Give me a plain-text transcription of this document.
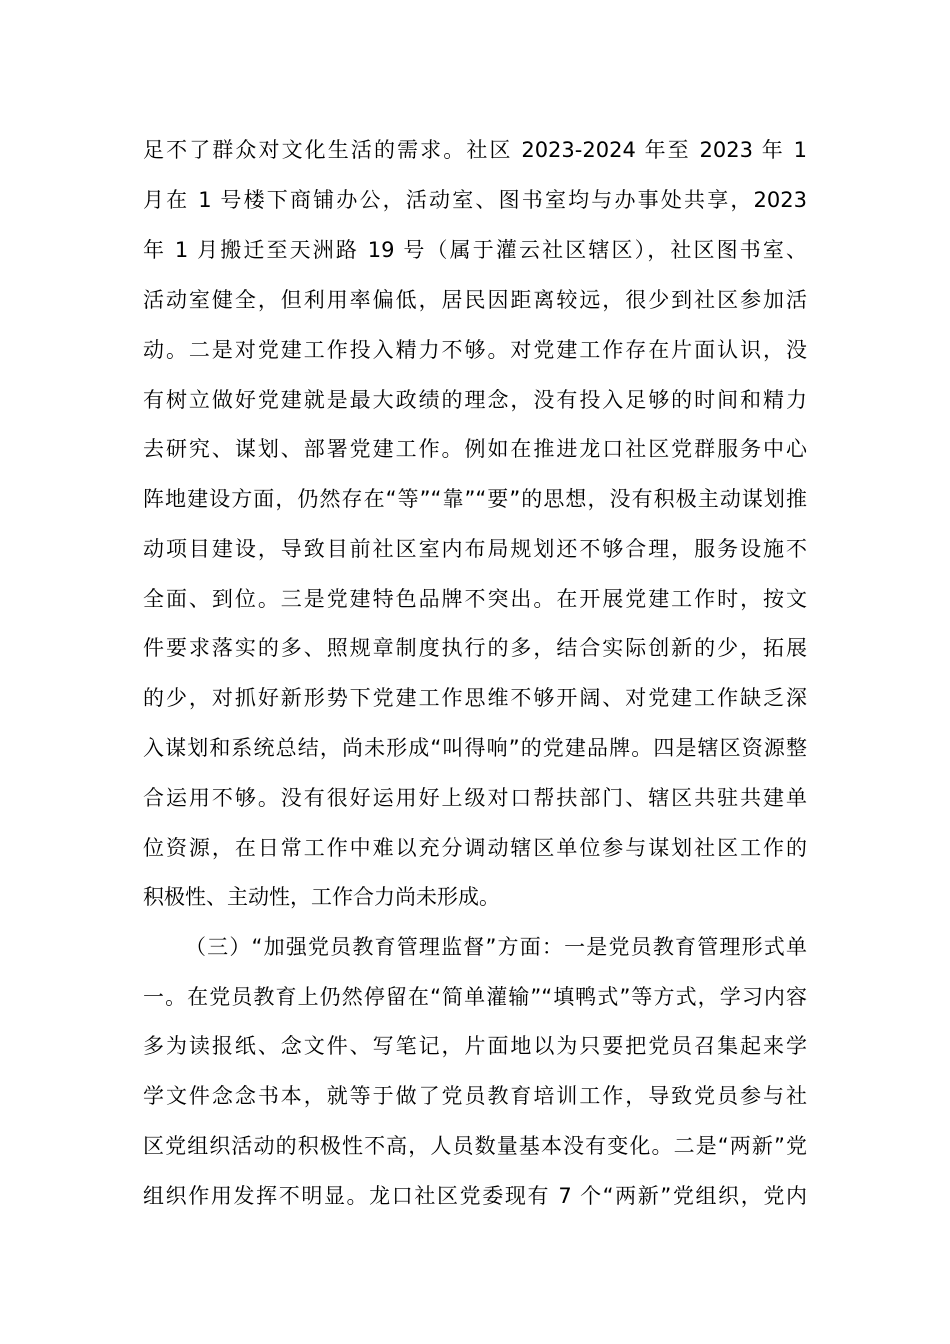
足不了群众对文化生活的需求。社区 2023-2024 年至 2023 年 1

月在 1 号楼下商铺办公，活动室、图书室均与办事处共享，2023

年 1 月搬迁至天洲路 19 号（属于灌云社区辖区），社区图书室、

活动室健全，但利用率偏低，居民因距离较远，很少到社区参加活

动。二是对党建工作投入精力不够。对党建工作存在片面认识，没

有树立做好党建就是最大政绩的理念，没有投入足够的时间和精力

去研究、谋划、部署党建工作。例如在推进龙口社区党群服务中心

阵地建设方面，仍然存在“等”“靠”“要”的思想，没有积极主动谋划推

动项目建设，导致目前社区室内布局规划还不够合理，服务设施不

全面、到位。三是党建特色品牌不突出。在开展党建工作时，按文

件要求落实的多、照规章制度执行的多，结合实际创新的少，拓展

的少，对抓好新形势下党建工作思维不够开阔、对党建工作缺乏深

入谋划和系统总结，尚未形成“叫得响”的党建品牌。四是辖区资源整

合运用不够。没有很好运用好上级对口帮扶部门、辖区共驻共建单

位资源，在日常工作中难以充分调动辖区单位参与谋划社区工作的

积极性、主动性，工作合力尚未形成。

（三）“加强党员教育管理监督”方面：一是党员教育管理形式单

一。在党员教育上仍然停留在“简单灌输”“填鸭式”等方式，学习内容

多为读报纸、念文件、写笔记，片面地以为只要把党员召集起来学

学文件念念书本，就等于做了党员教育培训工作，导致党员参与社

区党组织活动的积极性不高，人员数量基本没有变化。二是“两新”党

组织作用发挥不明显。龙口社区党委现有 7 个“两新”党组织，党内
